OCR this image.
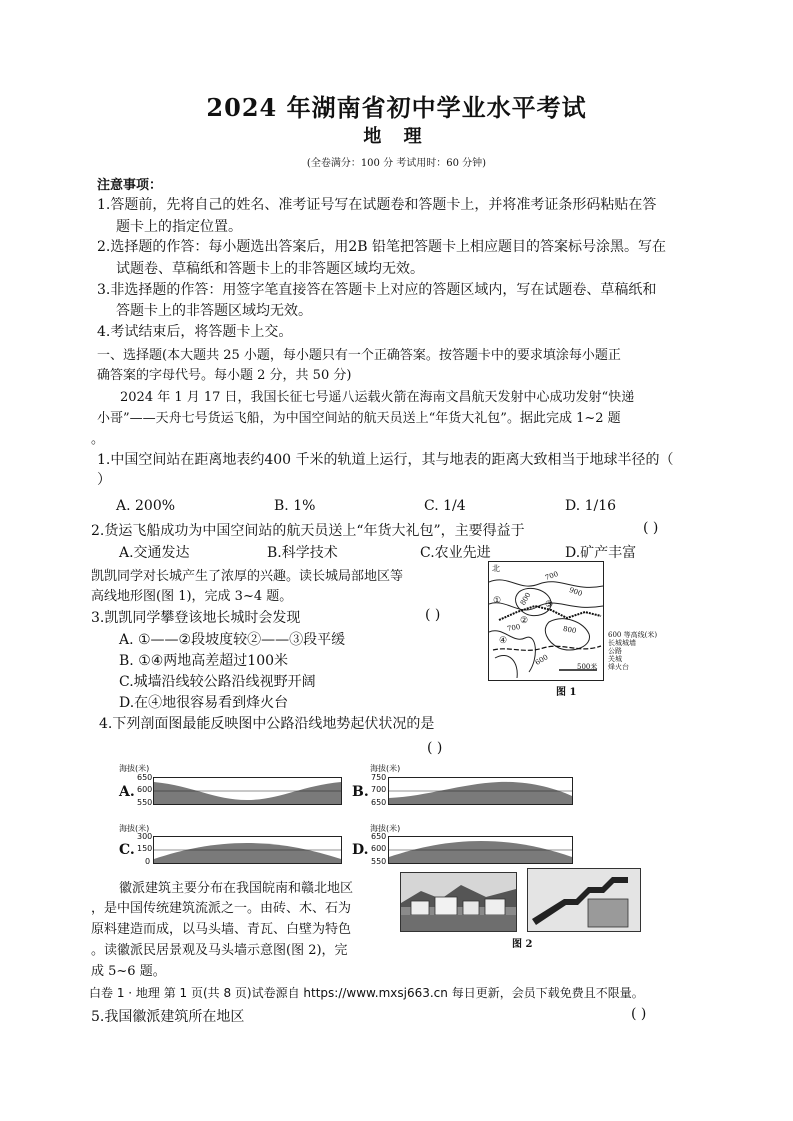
2024 年湖南省初中学业水平考试
地 理
(全卷满分：100 分 考试用时：60 分钟)
注意事项：
1.答题前，先将自己的姓名、准考证号写在试题卷和答题卡上，并将准考证条形码粘贴在答
题卡上的指定位置。
2.选择题的作答：每小题选出答案后，用2B 铅笔把答题卡上相应题目的答案标号涂黑。写在
试题卷、草稿纸和答题卡上的非答题区域均无效。
3.非选择题的作答：用签字笔直接答在答题卡上对应的答题区域内，写在试题卷、草稿纸和
答题卡上的非答题区域均无效。
4.考试结束后，将答题卡上交。
一、选择题(本大题共 25 小题，每小题只有一个正确答案。按答题卡中的要求填涂每小题正
确答案的字母代号。每小题 2 分，共 50 分)
2024 年 1 月 17 日，我国长征七号遥八运载火箭在海南文昌航天发射中心成功发射“快递
小哥”——天舟七号货运飞船，为中国空间站的航天员送上“年货大礼包”。据此完成 1~2 题
。
1.中国空间站在距离地表约400 千米的轨道上运行，其与地表的距离大致相当于地球半径的（
）
A. 200%	B. 1%	C. 1/4	D. 1/16
2.货运飞船成功为中国空间站的航天员送上“年货大礼包”，主要得益于	( )
A.交通发达	B.科学技术	C.农业先进	D.矿产丰富
凯凯同学对长城产生了浓厚的兴趣。读长城局部地区等
高线地形图(图 1)，完成 3~4 题。
3.凯凯同学攀登该地长城时会发现	( )
A. ①——②段坡度较②——③段平缓
B. ①④两地高差超过100米
C.城墙沿线较公路沿线视野开阔
D.在④地很容易看到烽火台
北
700
800	900
700	800
600
①
②
③
④
500米
600 等高线(米)
长城城墙
公路
关城
烽火台
图 1
4.下列剖面图最能反映图中公路沿线地势起伏状况的是
( )
海拔(米)
A.
650
600
550
海拔(米)
B.
750
700
650
海拔(米)
C.
300
150
0
海拔(米)
D.
650
600
550
徽派建筑主要分布在我国皖南和赣北地区
，是中国传统建筑流派之一。由砖、木、石为
原料建造而成，以马头墙、青瓦、白壁为特色
。读徽派民居景观及马头墙示意图(图 2)，完
成 5~6 题。
图 2
白卷 1 · 地理 第 1 页(共 8 页)试卷源自 https://www.mxsj663.cn 每日更新，会员下载免费且不限量。
5.我国徽派建筑所在地区	( )
